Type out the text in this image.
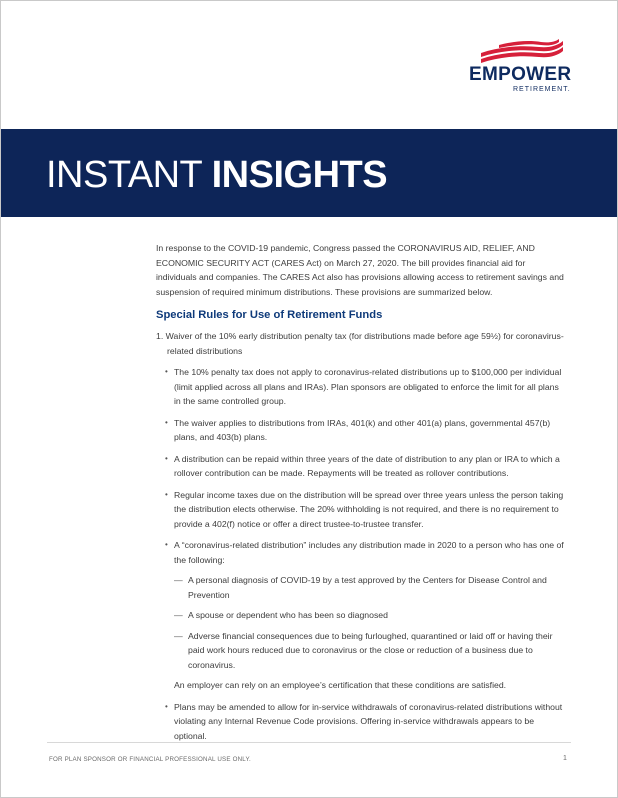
EMPOWER
RETIREMENT.
INSTANT INSIGHTS

In response to the COVID-19 pandemic, Congress passed the CORONAVIRUS AID, RELIEF, AND ECONOMIC SECURITY ACT (CARES Act) on March 27, 2020. The bill provides financial aid for individuals and companies. The CARES Act also has provisions allowing access to retirement savings and suspension of required minimum distributions. These provisions are summarized below.

Special Rules for Use of Retirement Funds

1. Waiver of the 10% early distribution penalty tax (for distributions made before age 59½) for coronavirus-related distributions

• The 10% penalty tax does not apply to coronavirus-related distributions up to $100,000 per individual (limit applied across all plans and IRAs). Plan sponsors are obligated to enforce the limit for all plans in the same controlled group.
• The waiver applies to distributions from IRAs, 401(k) and other 401(a) plans, governmental 457(b) plans, and 403(b) plans.
• A distribution can be repaid within three years of the date of distribution to any plan or IRA to which a rollover contribution can be made. Repayments will be treated as rollover contributions.
• Regular income taxes due on the distribution will be spread over three years unless the person taking the distribution elects otherwise. The 20% withholding is not required, and there is no requirement to provide a 402(f) notice or offer a direct trustee-to-trustee transfer.
• A “coronavirus-related distribution” includes any distribution made in 2020 to a person who has one of the following:
— A personal diagnosis of COVID-19 by a test approved by the Centers for Disease Control and Prevention
— A spouse or dependent who has been so diagnosed
— Adverse financial consequences due to being furloughed, quarantined or laid off or having their paid work hours reduced due to coronavirus or the close or reduction of a business due to coronavirus.
An employer can rely on an employee’s certification that these conditions are satisfied.
• Plans may be amended to allow for in-service withdrawals of coronavirus-related distributions without violating any Internal Revenue Code provisions. Offering in-service withdrawals appears to be optional.
FOR PLAN SPONSOR OR FINANCIAL PROFESSIONAL USE ONLY.	1
